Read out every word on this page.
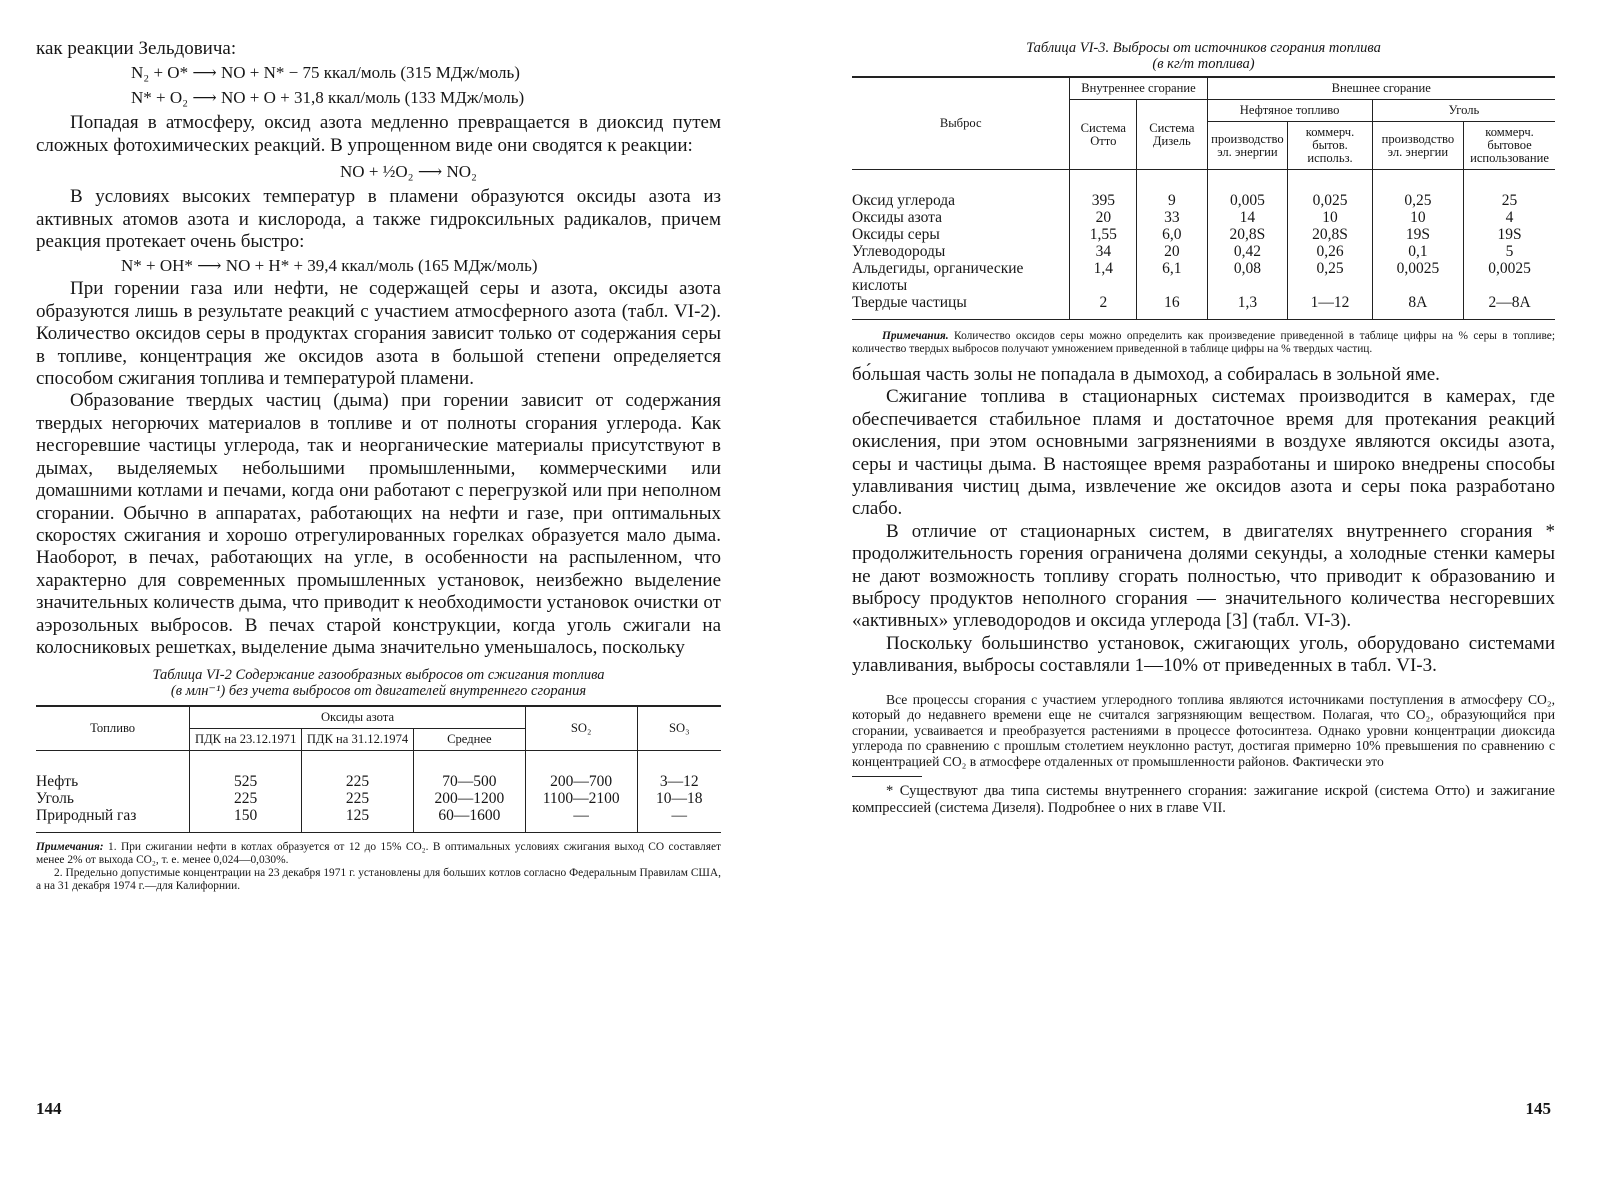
как реакции Зельдовича:

N₂ + O* ⟶ NO + N* − 75 ккал/моль (315 МДж/моль)

N* + O₂ ⟶ NO + O + 31,8 ккал/моль (133 МДж/моль)

Попадая в атмосферу, оксид азота медленно превращается в диоксид путем сложных фотохимических реакций. В упрощенном виде они сводятся к реакции:

NO + ½O₂ ⟶ NO₂

В условиях высоких температур в пламени образуются оксиды азота из активных атомов азота и кислорода, а также гидроксильных радикалов, причем реакция протекает очень быстро:

N* + OH* ⟶ NO + H* + 39,4 ккал/моль (165 МДж/моль)

При горении газа или нефти, не содержащей серы и азота, оксиды азота образуются лишь в результате реакций с участием атмосферного азота (табл. VI-2). Количество оксидов серы в продуктах сгорания зависит только от содержания серы в топливе, концентрация же оксидов азота в большой степени определяется способом сжигания топлива и температурой пламени.

Образование твердых частиц (дыма) при горении зависит от содержания твердых негорючих материалов в топливе и от полноты сгорания углерода. Как несгоревшие частицы углерода, так и неорганические материалы присутствуют в дымах, выделяемых небольшими промышленными, коммерческими или домашними котлами и печами, когда они работают с перегрузкой или при неполном сгорании. Обычно в аппаратах, работающих на нефти и газе, при оптимальных скоростях сжигания и хорошо отрегулированных горелках образуется мало дыма. Наоборот, в печах, работающих на угле, в особенности на распыленном, что характерно для современных промышленных установок, неизбежно выделение значительных количеств дыма, что приводит к необходимости установок очистки от аэрозольных выбросов. В печах старой конструкции, когда уголь сжигали на колосниковых решетках, выделение дыма значительно уменьшалось, поскольку

Таблица VI-2 Содержание газообразных выбросов от сжигания топлива

(в млн⁻¹) без учета выбросов от двигателей внутреннего сгорания

Топливо	Оксиды азота			SO₂	SO₃
	ПДК на 23.12.1971	ПДК на 31.12.1974	Среднее		
Нефть	525	225	70—500	200—700	3—12
Уголь	225	225	200—1200	1100—2100	10—18
Природный газ	150	125	60—1600	—	—

Примечания: 1. При сжигании нефти в котлах образуется от 12 до 15% CO₂. В оптимальных условиях сжигания выход CO составляет менее 2% от выхода CO₂, т. е. менее 0,024—0,030%.

2. Предельно допустимые концентрации на 23 декабря 1971 г. установлены для больших котлов согласно Федеральным Правилам США, а на 31 декабря 1974 г.—для Калифорнии.

144

Таблица VI-3. Выбросы от источников сгорания топлива

(в кг/т топлива)

Выброс	Внутреннее сгорание		Внешнее сгорание			
	Система Отто	Система Дизель	Нефтяное топливо		Уголь	
			производство эл. энергии	коммерч. бытов. использ.	производство эл. энергии	коммерч. бытовое использование
Оксид углерода	395	9	0,005	0,025	0,25	25
Оксиды азота	20	33	14	10	10	4
Оксиды серы	1,55	6,0	20,8S	20,8S	19S	19S
Углеводороды	34	20	0,42	0,26	0,1	5
Альдегиды, органические кислоты	1,4	6,1	0,08	0,25	0,0025	0,0025
Твердые частицы	2	16	1,3	1—12	8A	2—8A

Примечания. Количество оксидов серы можно определить как произведение приведенной в таблице цифры на % серы в топливе; количество твердых выбросов получают умножением приведенной в таблице цифры на % твердых частиц.

бо́льшая часть золы не попадала в дымоход, а собиралась в зольной яме.

Сжигание топлива в стационарных системах производится в камерах, где обеспечивается стабильное пламя и достаточное время для протекания реакций окисления, при этом основными загрязнениями в воздухе являются оксиды азота, серы и частицы дыма. В настоящее время разработаны и широко внедрены способы улавливания чистиц дыма, извлечение же оксидов азота и серы пока разработано слабо.

В отличие от стационарных систем, в двигателях внутреннего сгорания * продолжительность горения ограничена долями секунды, а холодные стенки камеры не дают возможность топливу сгорать полностью, что приводит к образованию и выбросу продуктов неполного сгорания — значительного количества несгоревших «активных» углеводородов и оксида углерода [3] (табл. VI-3).

Поскольку большинство установок, сжигающих уголь, оборудовано системами улавливания, выбросы составляли 1—10% от приведенных в табл. VI-3.

Все процессы сгорания с участием углеродного топлива являются источниками поступления в атмосферу CO₂, который до недавнего времени еще не считался загрязняющим веществом. Полагая, что CO₂, образующийся при сгорании, усваивается и преобразуется растениями в процессе фотосинтеза. Однако уровни концентрации диоксида углерода по сравнению с прошлым столетием неуклонно растут, достигая примерно 10% превышения по сравнению с концентрацией CO₂ в атмосфере отдаленных от промышленности районов. Фактически это

* Существуют два типа системы внутреннего сгорания: зажигание искрой (система Отто) и зажигание компрессией (система Дизеля). Подробнее о них в главе VII.

145
